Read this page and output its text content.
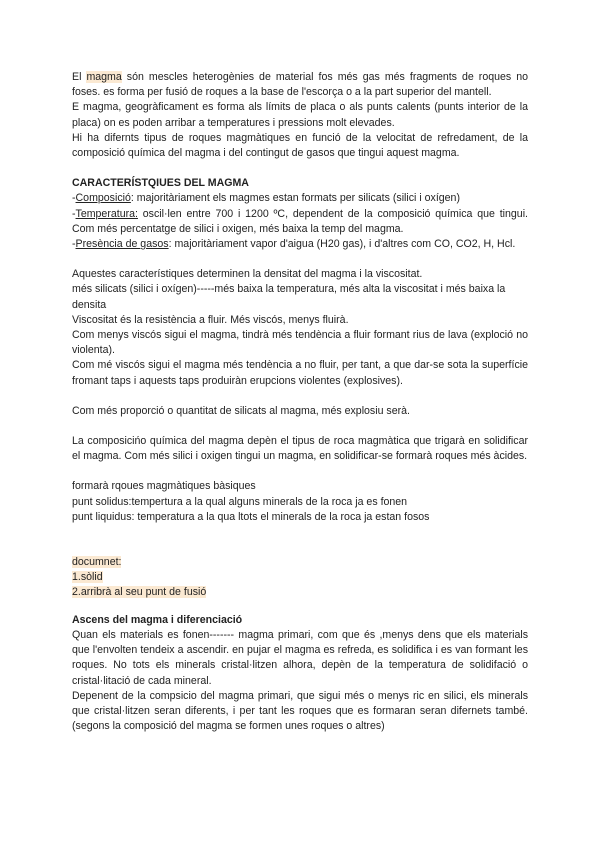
El magma són mescles heterogènies de material fos més gas més fragments de roques no foses. es forma per fusió de roques a la base de l'escorça o a la part superior del mantell.

E magma, geogràficament es forma als límits de placa o als punts calents (punts interior de la placa) on es poden arribar a temperatures i pressions molt elevades.

Hi ha difernts tipus de roques magmàtiques en funció de la velocitat de refredament, de la composició química del magma i del contingut de gasos que tingui aquest magma.

CARACTERÍSTQIUES DEL MAGMA

-Composició: majoritàriament els magmes estan formats per silicats (silici i oxígen)

-Temperatura: oscil·len entre 700 i 1200 ºC, dependent de la composició química que tingui. Com més percentatge de silici i oxigen, més baixa la temp del magma.

-Presència de gasos: majoritàriament vapor d'aigua (H20 gas), i d'altres com CO, CO2, H, Hcl.

Aquestes característiques determinen la densitat del magma i la viscositat.

més silicats (silici i oxígen)-----més baixa la temperatura, més alta la viscositat i més baixa la densita

Viscositat és la resistència a fluir. Més viscós, menys fluirà.

Com menys viscós sigui el magma, tindrà més tendència a fluir formant rius de lava (exploció no violenta).

Com mé viscós sigui el magma més tendència a no fluir, per tant, a que dar-se sota la superfície fromant taps i aquests taps produiràn erupcions violentes (explosives).

Com més proporció o quantitat de silicats al magma, més explosiu serà.

La composicińo química del magma depèn el tipus de roca magmàtica que trigarà en solidificar el magma. Com més silici i oxigen tingui un magma, en solidificar-se formarà roques més àcides.

formarà rqoues magmàtiques bàsiques

punt solidus:tempertura a la qual alguns minerals de la roca ja es fonen

punt liquidus: temperatura a la qua ltots el minerals de la roca ja estan fosos

documnet:

1.sòlid

2.arribrà al seu punt de fusió

Ascens del magma i diferenciació

Quan els materials es fonen------- magma primari, com que és ,menys dens que els materials que l'envolten tendeix a ascendir. en pujar el magma es refreda, es solidifica i es van formant les roques. No tots els minerals cristal·litzen alhora, depèn de la temperatura de solidifació o cristal·litació de cada mineral.

Depenent de la compsicio del magma primari, que sigui més o menys ric en silici, els minerals que cristal·litzen seran diferents, i per tant les roques que es formaran seran difernets també. (segons la composició del magma se formen unes roques o altres)
